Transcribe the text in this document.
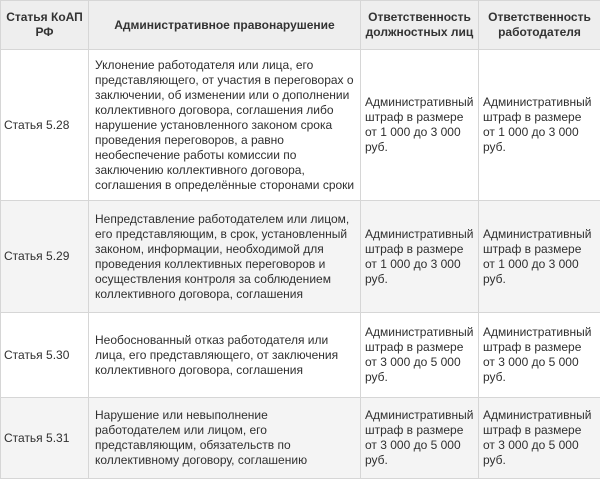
Статья КоАП РФ	Административное правонарушение	Ответственность должностных лиц	Ответственность работодателя
Статья 5.28	Уклонение работодателя или лица, его представляющего, от участия в переговорах о заключении, об изменении или о дополнении коллективного договора, соглашения либо нарушение установленного законом срока проведения переговоров, а равно необеспечение работы комиссии по заключению коллективного договора, соглашения в определённые сторонами сроки	Административный штраф в размере от 1 000 до 3 000 руб.	Административный штраф в размере от 1 000 до 3 000 руб.
Статья 5.29	Непредставление работодателем или лицом, его представляющим, в срок, установленный законом, информации, необходимой для проведения коллективных переговоров и осуществления контроля за соблюдением коллективного договора, соглашения	Административный штраф в размере от 1 000 до 3 000 руб.	Административный штраф в размере от 1 000 до 3 000 руб.
Статья 5.30	Необоснованный отказ работодателя или лица, его представляющего, от заключения коллективного договора, соглашения	Административный штраф в размере от 3 000 до 5 000 руб.	Административный штраф в размере от 3 000 до 5 000 руб.
Статья 5.31	Нарушение или невыполнение работодателем или лицом, его представляющим, обязательств по коллективному договору, соглашению	Административный штраф в размере от 3 000 до 5 000 руб.	Административный штраф в размере от 3 000 до 5 000 руб.
